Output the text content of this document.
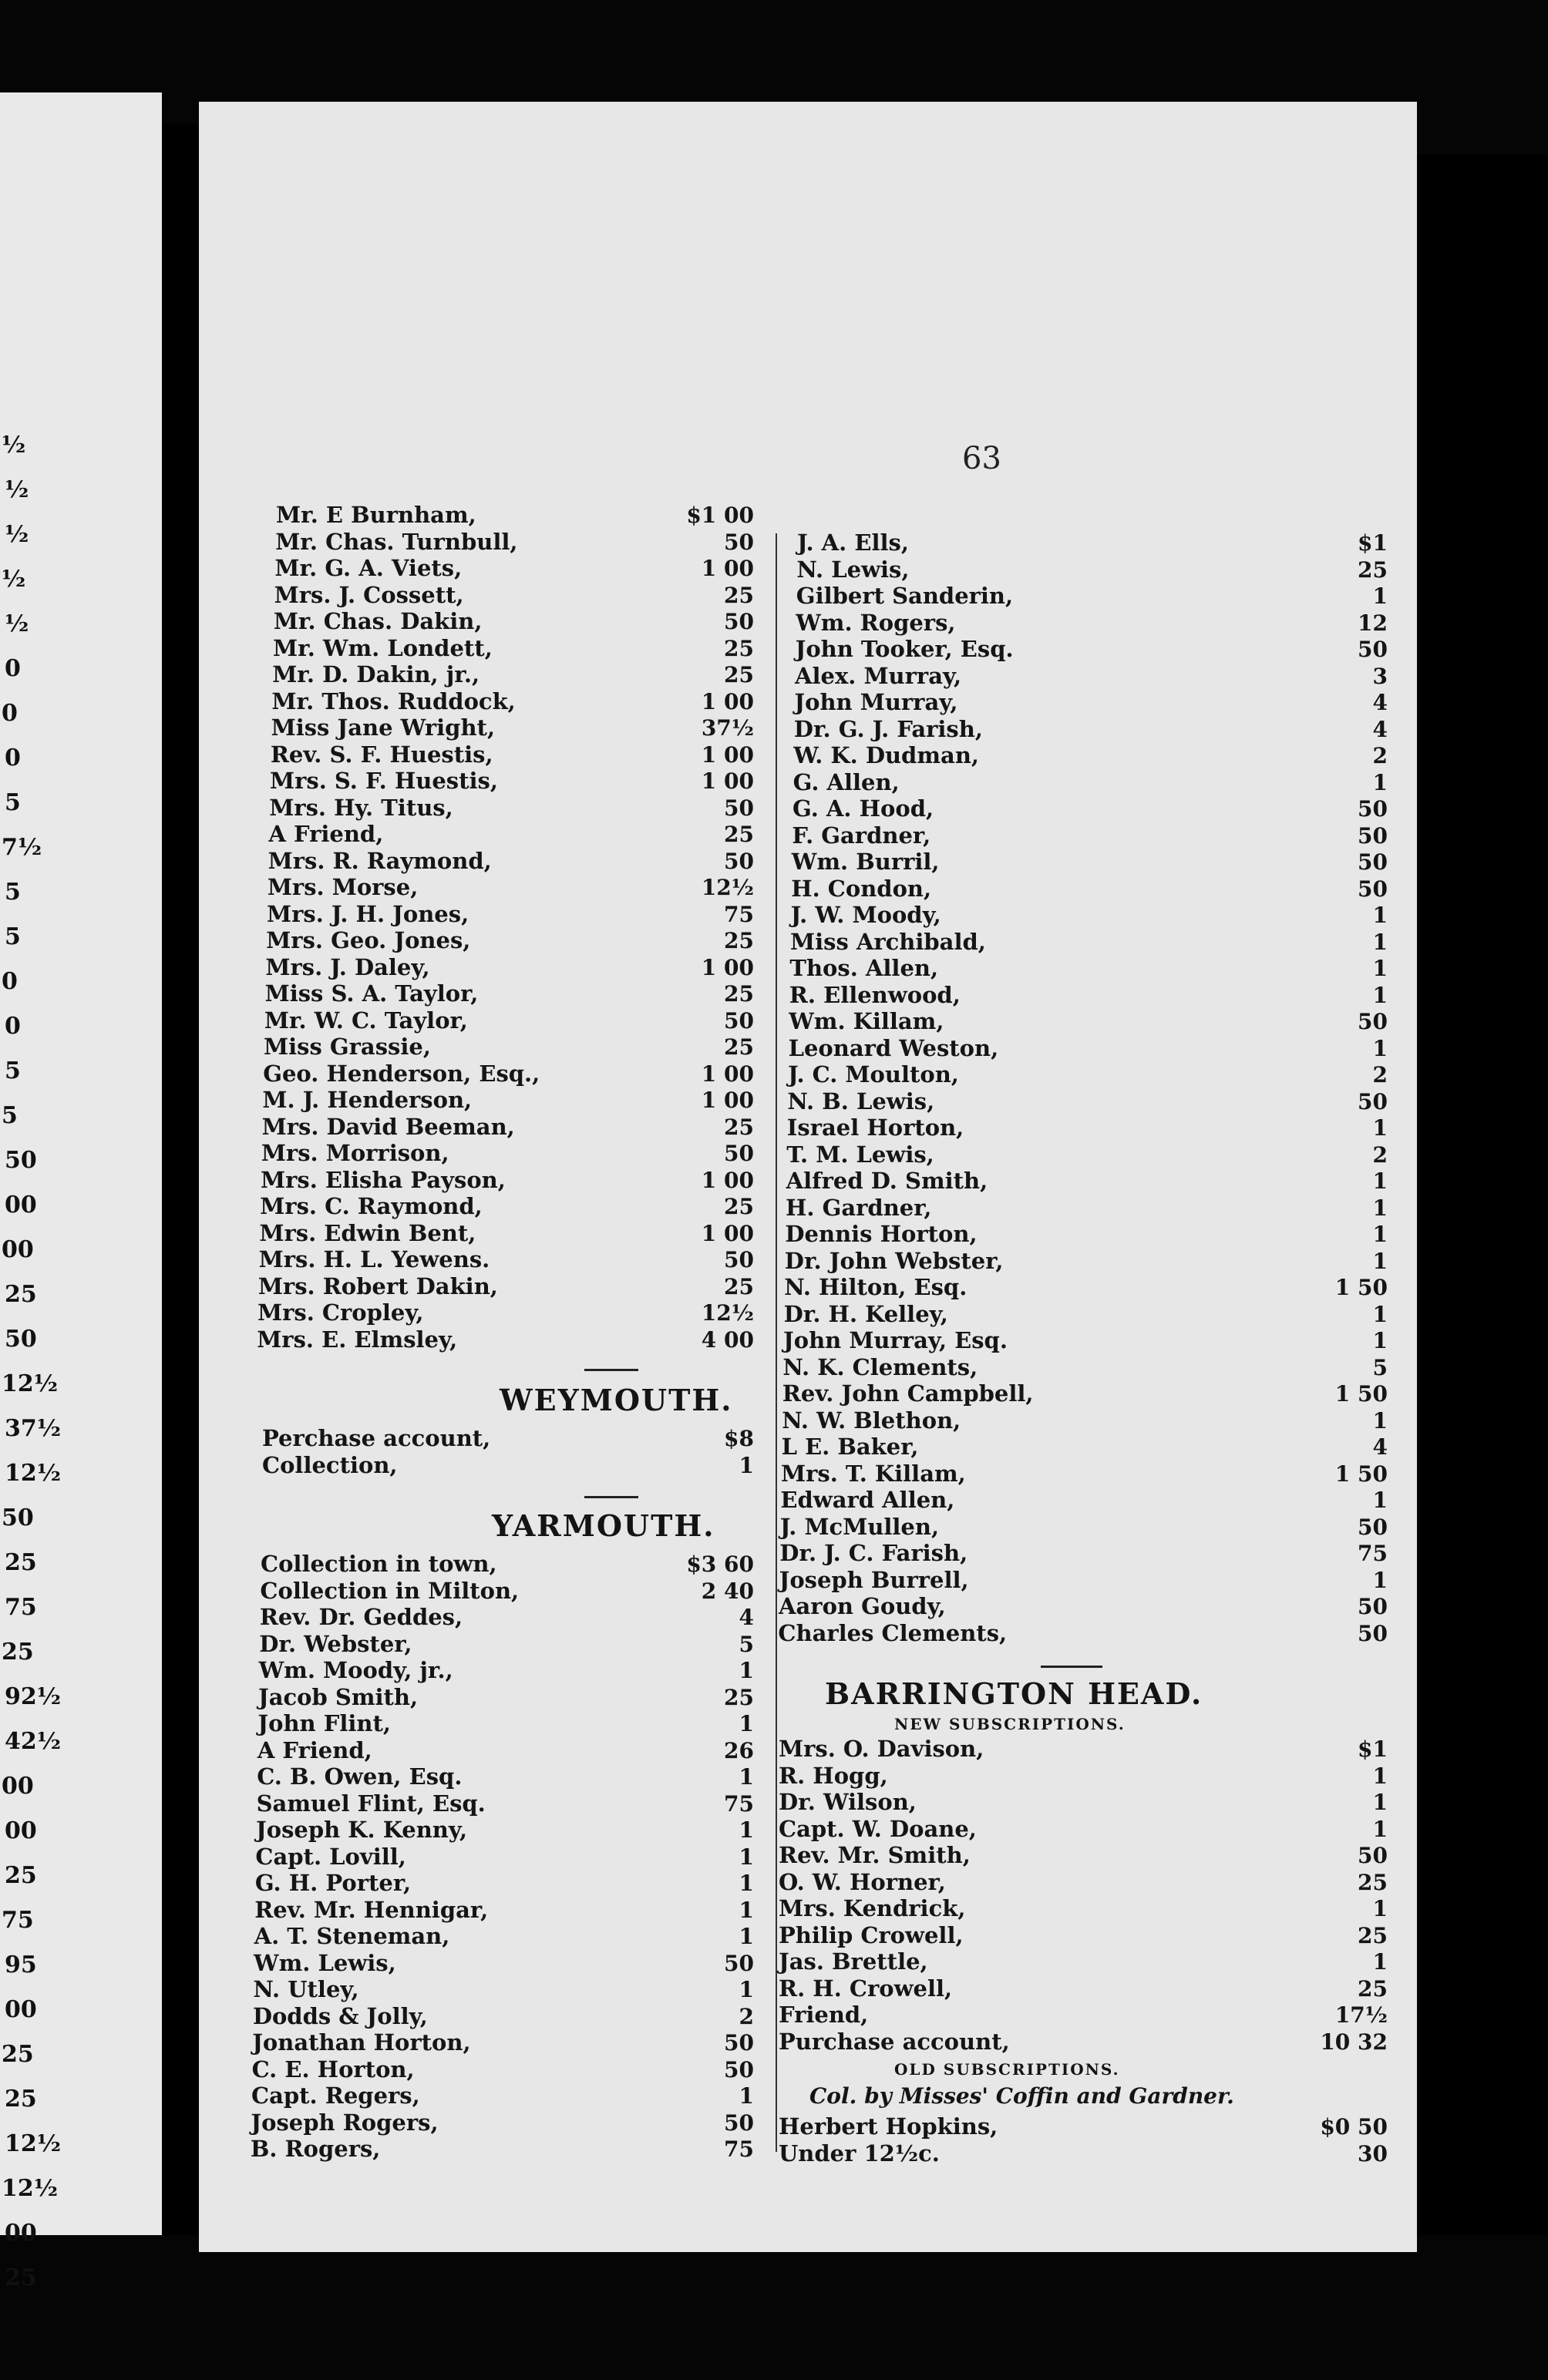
½
½
½
½
½
0
0
0
5
7½
5
5
0
0
5
5
50
00
00
25
50
12½
37½
12½
50
25
75
25
92½
42½
00
00
25
75
95
00
25
25
12½
12½
00
25
63
Mr. E Burnham,	$1 00
Mr. Chas. Turnbull,	50
Mr. G. A. Viets,	1 00
Mrs. J. Cossett,	25
Mr. Chas. Dakin,	50
Mr. Wm. Londett,	25
Mr. D. Dakin, jr.,	25
Mr. Thos. Ruddock,	1 00
Miss Jane Wright,	37½
Rev. S. F. Huestis,	1 00
Mrs. S. F. Huestis,	1 00
Mrs. Hy. Titus,	50
A Friend,	25
Mrs. R. Raymond,	50
Mrs. Morse,	12½
Mrs. J. H. Jones,	75
Mrs. Geo. Jones,	25
Mrs. J. Daley,	1 00
Miss S. A. Taylor,	25
Mr. W. C. Taylor,	50
Miss Grassie,	25
Geo. Henderson, Esq.,	1 00
M. J. Henderson,	1 00
Mrs. David Beeman,	25
Mrs. Morrison,	50
Mrs. Elisha Payson,	1 00
Mrs. C. Raymond,	25
Mrs. Edwin Bent,	1 00
Mrs. H. L. Yewens.	50
Mrs. Robert Dakin,	25
Mrs. Cropley,	12½
Mrs. E. Elmsley,	4 00
WEYMOUTH.
Perchase account,	$8
Collection,	1
YARMOUTH.
Collection in town,	$3 60
Collection in Milton,	2 40
Rev. Dr. Geddes,	4
Dr. Webster,	5
Wm. Moody, jr.,	1
Jacob Smith,	25
John Flint,	1
A Friend,	26
C. B. Owen, Esq.	1
Samuel Flint, Esq.	75
Joseph K. Kenny,	1
Capt. Lovill,	1
G. H. Porter,	1
Rev. Mr. Hennigar,	1
A. T. Steneman,	1
Wm. Lewis,	50
N. Utley,	1
Dodds & Jolly,	2
Jonathan Horton,	50
C. E. Horton,	50
Capt. Regers,	1
Joseph Rogers,	50
B. Rogers,	75
J. A. Ells,	$1
N. Lewis,	25
Gilbert Sanderin,	1
Wm. Rogers,	12
John Tooker, Esq.	50
Alex. Murray,	3
John Murray,	4
Dr. G. J. Farish,	4
W. K. Dudman,	2
G. Allen,	1
G. A. Hood,	50
F. Gardner,	50
Wm. Burril,	50
H. Condon,	50
J. W. Moody,	1
Miss Archibald,	1
Thos. Allen,	1
R. Ellenwood,	1
Wm. Killam,	50
Leonard Weston,	1
J. C. Moulton,	2
N. B. Lewis,	50
Israel Horton,	1
T. M. Lewis,	2
Alfred D. Smith,	1
H. Gardner,	1
Dennis Horton,	1
Dr. John Webster,	1
N. Hilton, Esq.	1 50
Dr. H. Kelley,	1
John Murray, Esq.	1
N. K. Clements,	5
Rev. John Campbell,	1 50
N. W. Blethon,	1
L E. Baker,	4
Mrs. T. Killam,	1 50
Edward Allen,	1
J. McMullen,	50
Dr. J. C. Farish,	75
Joseph Burrell,	1
Aaron Goudy,	50
Charles Clements,	50
BARRINGTON HEAD.
NEW SUBSCRIPTIONS.
Mrs. O. Davison,	$1
R. Hogg,	1
Dr. Wilson,	1
Capt. W. Doane,	1
Rev. Mr. Smith,	50
O. W. Horner,	25
Mrs. Kendrick,	1
Philip Crowell,	25
Jas. Brettle,	1
R. H. Crowell,	25
Friend,	17½
Purchase account,	10 32
OLD SUBSCRIPTIONS.
Col. by Misses' Coffin and Gardner.
Herbert Hopkins,	$0 50
Under 12½c.	30
